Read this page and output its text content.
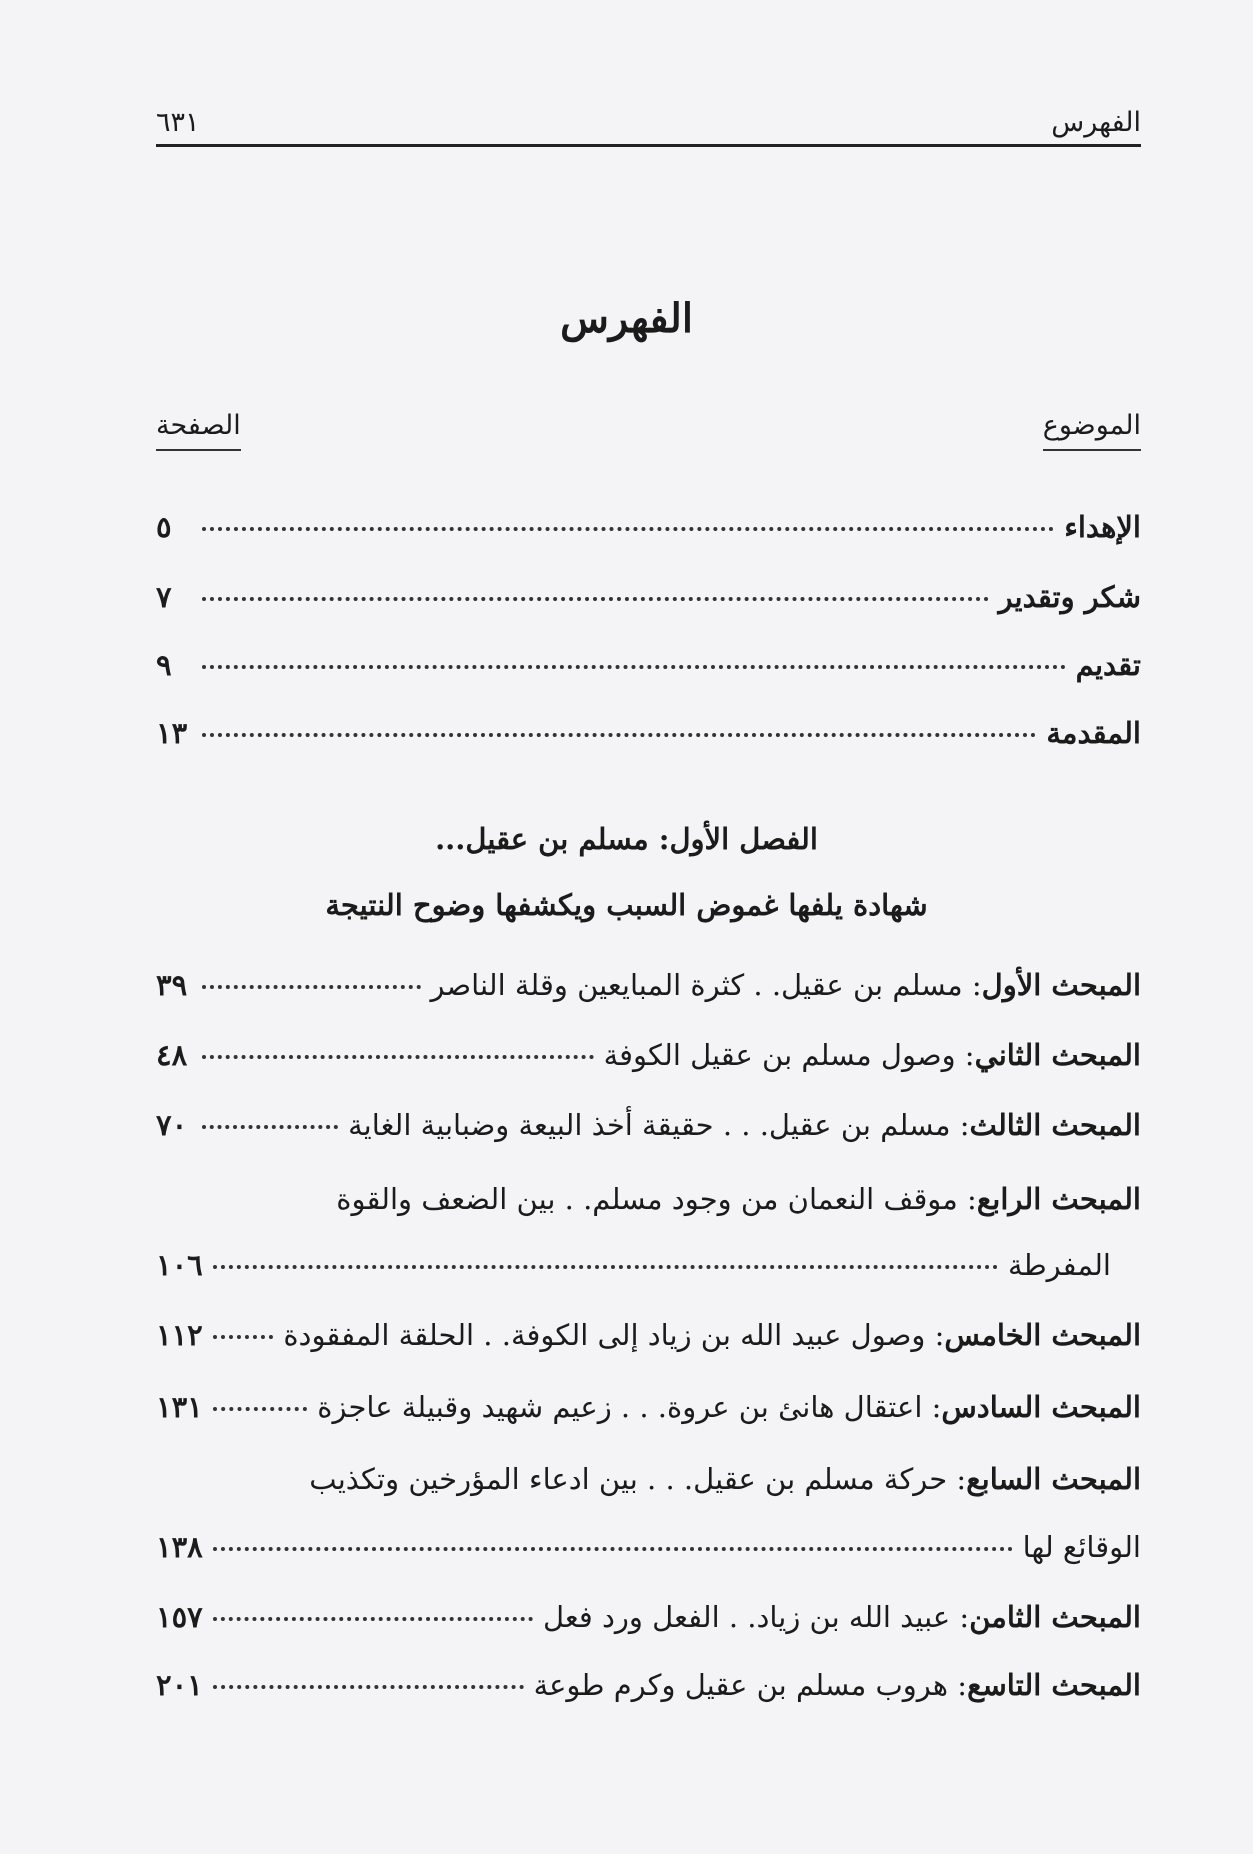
الفهرس
٦٣١
الفهرس
الموضوع
الصفحة
الإهداء
٥
شكر وتقدير
٧
تقديم
٩
المقدمة
١٣
الفصل الأول: مسلم بن عقيل...
شهادة يلفها غموض السبب ويكشفها وضوح النتيجة
المبحث الأول: مسلم بن عقيل. . كثرة المبايعين وقلة الناصر
٣٩
المبحث الثاني: وصول مسلم بن عقيل الكوفة
٤٨
المبحث الثالث: مسلم بن عقيل. . . حقيقة أخذ البيعة وضبابية الغاية
٧٠
المبحث الرابع: موقف النعمان من وجود مسلم. . بين الضعف والقوة
المفرطة
١٠٦
المبحث الخامس: وصول عبيد الله بن زياد إلى الكوفة. . الحلقة المفقودة
١١٢
المبحث السادس: اعتقال هانئ بن عروة. . . زعيم شهيد وقبيلة عاجزة
١٣١
المبحث السابع: حركة مسلم بن عقيل. . . بين ادعاء المؤرخين وتكذيب
الوقائع لها
١٣٨
المبحث الثامن: عبيد الله بن زياد. . الفعل ورد فعل
١٥٧
المبحث التاسع: هروب مسلم بن عقيل وكرم طوعة
٢٠١
